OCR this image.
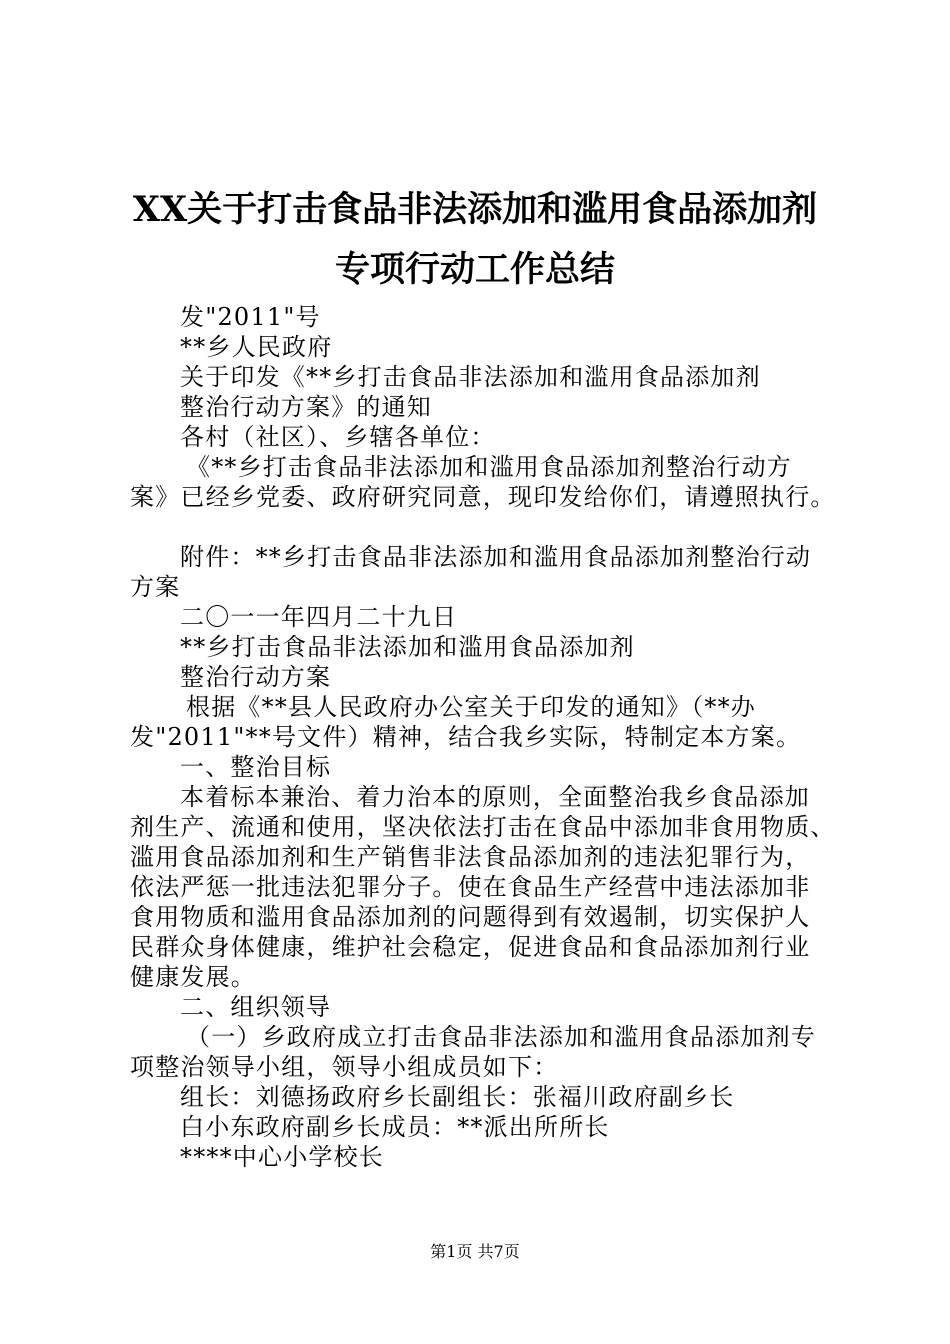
XX关于打击食品非法添加和滥用食品添加剂
专项行动工作总结

发"2011"号

**乡人民政府

关于印发《**乡打击食品非法添加和滥用食品添加剂

整治行动方案》的通知

各村（社区）、乡辖各单位：

《**乡打击食品非法添加和滥用食品添加剂整治行动方

案》已经乡党委、政府研究同意，现印发给你们，请遵照执行。

附件：**乡打击食品非法添加和滥用食品添加剂整治行动

方案

二〇一一年四月二十九日

**乡打击食品非法添加和滥用食品添加剂

整治行动方案

根据《**县人民政府办公室关于印发的通知》（**办

发"2011"**号文件）精神，结合我乡实际，特制定本方案。

一、整治目标

本着标本兼治、着力治本的原则，全面整治我乡食品添加

剂生产、流通和使用，坚决依法打击在食品中添加非食用物质、

滥用食品添加剂和生产销售非法食品添加剂的违法犯罪行为，

依法严惩一批违法犯罪分子。使在食品生产经营中违法添加非

食用物质和滥用食品添加剂的问题得到有效遏制，切实保护人

民群众身体健康，维护社会稳定，促进食品和食品添加剂行业

健康发展。

二、组织领导

（一）乡政府成立打击食品非法添加和滥用食品添加剂专

项整治领导小组，领导小组成员如下：

组长：刘德扬政府乡长副组长：张福川政府副乡长

白小东政府副乡长成员：**派出所所长

****中心小学校长

第1页 共7页
